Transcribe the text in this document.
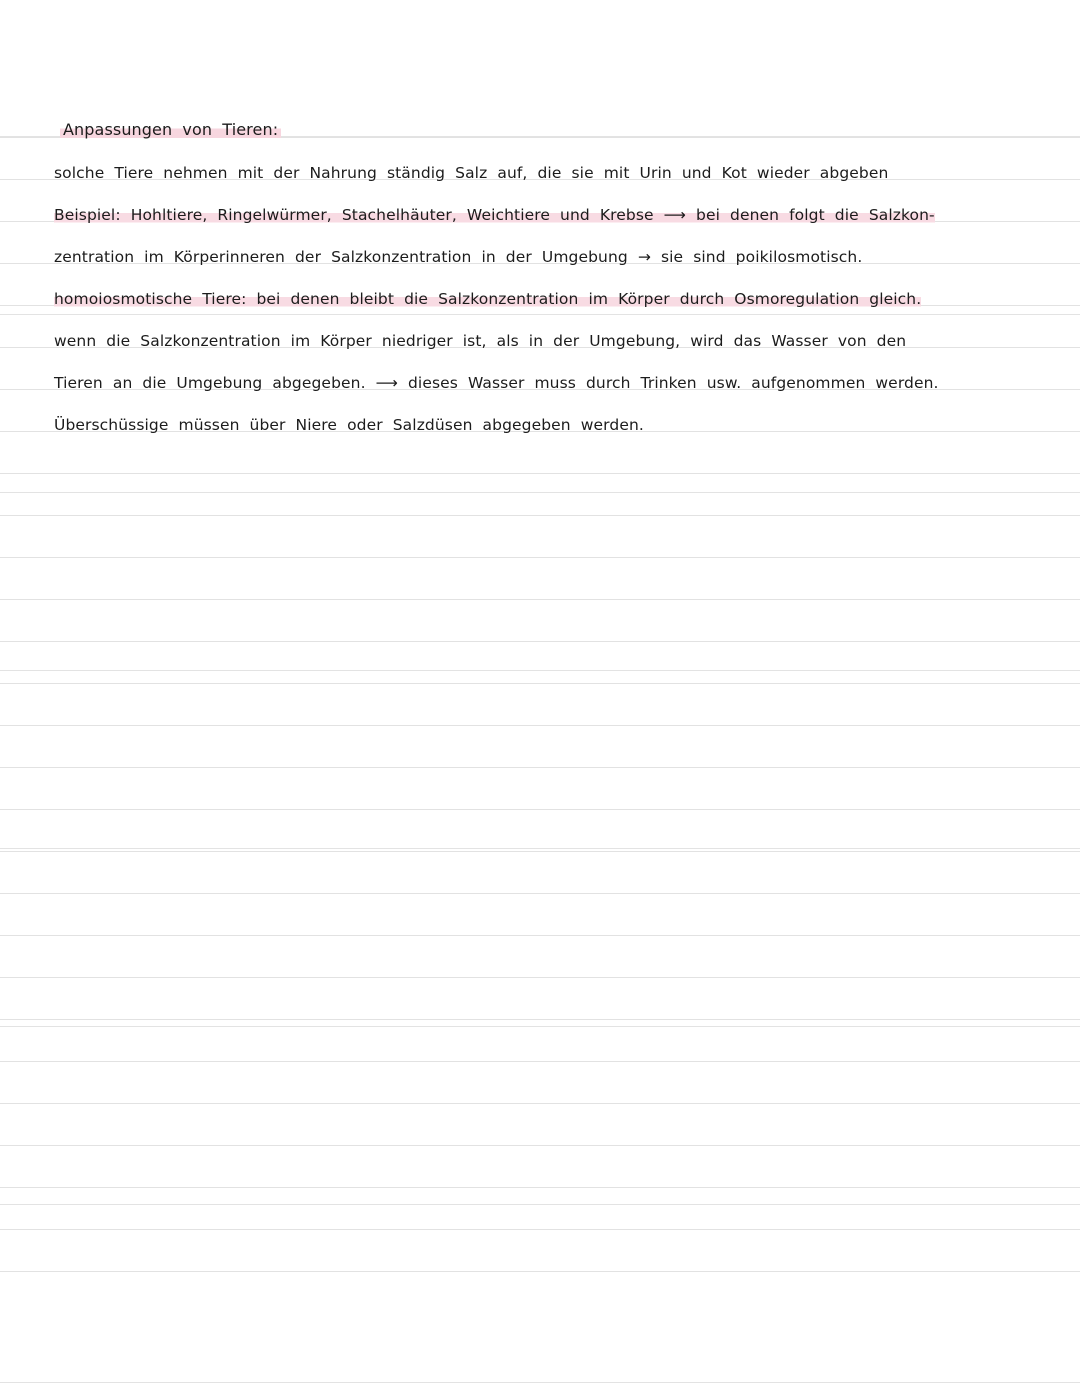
Anpassungen von Tieren:
solche Tiere nehmen mit der Nahrung ständig Salz auf, die sie mit Urin und Kot wieder abgeben
Beispiel: Hohltiere, Ringelwürmer, Stachelhäuter, Weichtiere und Krebse ⟶ bei denen folgt die Salzkon-
zentration im Körperinneren der Salzkonzentration in der Umgebung → sie sind poikilosmotisch.
homoiosmotische Tiere: bei denen bleibt die Salzkonzentration im Körper durch Osmoregulation gleich.
wenn die Salzkonzentration im Körper niedriger ist, als in der Umgebung, wird das Wasser von den
Tieren an die Umgebung abgegeben. ⟶ dieses Wasser muss durch Trinken usw. aufgenommen werden.
Überschüssige müssen über Niere oder Salzdüsen abgegeben werden.
